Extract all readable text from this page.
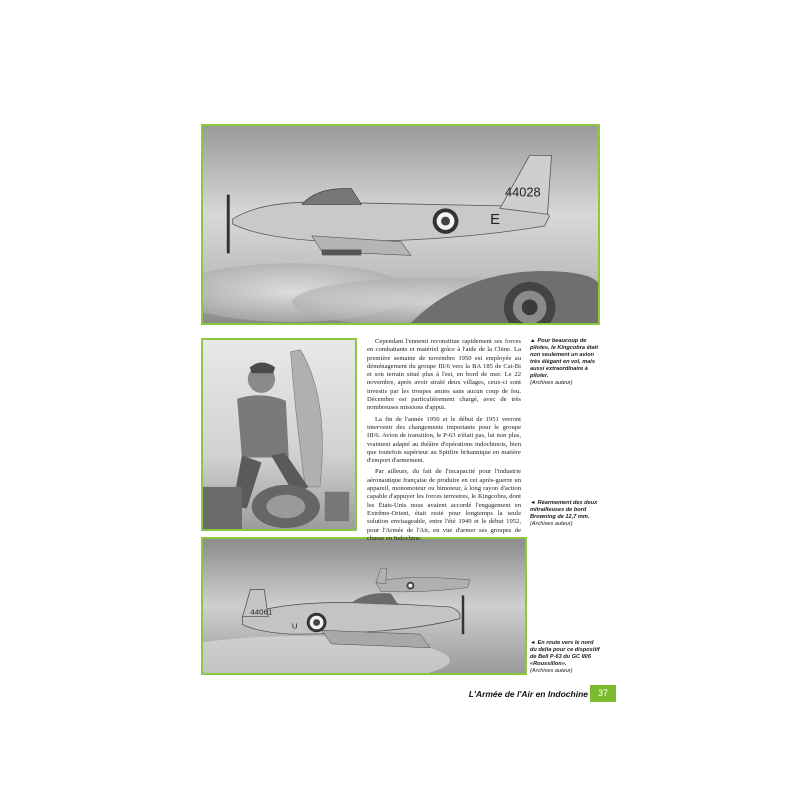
44028
E
44061
U

Cependant l'ennemi reconstitue rapidement ses forces en combattants et matériel grâce à l'aide de la Chine. La première semaine de novembre 1950 est employée au déménagement du groupe III/6 vers la BA 185 de Cat-Bi et son terrain situé plus à l'est, en bord de mer. Le 22 novembre, après avoir strafé deux villages, ceux-ci sont investis par les troupes amies sans aucun coup de feu. Décembre est particulièrement chargé, avec de très nombreuses missions d'appui.

La fin de l'année 1950 et le début de 1951 verront intervenir des changements importants pour le groupe III/6. Avion de transition, le P-63 n'était pas, lui non plus, vraiment adapté au théâtre d'opérations indochinois, bien que toutefois supérieur au Spitfire britannique en matière d'emport d'armement.

Par ailleurs, du fait de l'incapacité pour l'industrie aéronautique française de produire en cet après-guerre un appareil, monomoteur ou bimoteur, à long rayon d'action capable d'appuyer les forces terrestres, le Kingcobra, dont les États-Unis nous avaient accordé l'engagement en Extrême-Orient, était resté pour longtemps la seule solution envisageable, entre l'été 1949 et le début 1952, pour l'Armée de l'Air, en vue d'armer ses groupes de chasse en Indochine.

▲ Pour beaucoup de pilotes, le Kingcobra était non seulement un avion très élégant en vol, mais aussi extraordinaire à piloter.
(Archives auteur)
◄ Réarmement des deux mitrailleuses de bord Browning de 12,7 mm.
(Archives auteur)
◄ En route vers le nord du delta pour ce dispositif de Bell P-63 du GC III/6 «Roussillon».
(Archives auteur)
L'Armée de l'Air en Indochine	37
